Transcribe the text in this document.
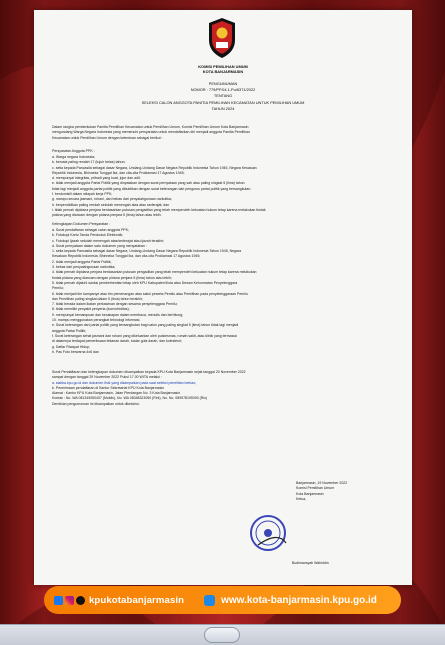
KOMISI PEMILIHAN UMUM
KOTA BANJARMASIN
PENGUMUMAN
NOMOR : 779/PP.04.1-Pu/6371/2022
TENTANG
SELEKSI CALON ANGGOTA PANITIA PEMILIHAN KECAMATAN UNTUK PEMILIHAN UMUM
TAHUN 2024
Dalam rangka pembentukan Panitia Pemilihan Kecamatan untuk Pemilihan Umum, Komisi Pemilihan Umum Kota Banjarmasin
mengundang Warga Negara Indonesia yang memenuhi persyaratan untuk mendaftarkan diri menjadi anggota Panitia Pemilihan
Kecamatan untuk Pemilihan Umum dengan ketentuan sebagai berikut :
Persyaratan Anggota PPK :
a. Warga negara Indonesia;
b. berusia paling rendah 17 (tujuh belas) tahun;
c. setia kepada Pancasila sebagai dasar Negara, Undang-Undang Dasar Negara Republik Indonesia Tahun 1945, Negara Kesatuan
Republik Indonesia, Bhinneka Tunggal Ika, dan cita-cita Proklamasi 17 Agustus 1945;
d. mempunyai integritas, pribadi yang kuat, jujur dan adil;
e. tidak menjadi anggota Partai Politik yang dinyatakan dengan surat pernyataan yang sah atau paling singkat 5 (lima) tahun
tidak lagi menjadi anggota partai politik yang dibuktikan dengan surat keterangan dari pengurus partai politik yang bersangkutan.
f. berdomisili dalam wilayah kerja PPK;
g. mampu secara jasmani, rohani, dan bebas dari penyalahgunaan narkotika;
h. berpendidikan paling rendah sekolah menengah atas atau sederajat; dan
i. tidak pernah dipidana penjara berdasarkan putusan pengadilan yang telah memperoleh kekuatan hukum tetap karena melakukan tindak
pidana yang diancam dengan pidana penjara 5 (lima) tahun atau lebih.
Kelengkapan Dokumen Persyaratan :
a. Surat pendaftaran sebagai calon anggota PPK;
b. Fotokopi Kartu Tanda Penduduk Elektronik;
c. Fotokopi ijazah sekolah menengah atas/sederajat atau ijazah terakhir;
d. Surat pernyataan dalam satu dokumen yang menyatakan :
1. setia kepada Pancasila sebagai dasar Negara, Undang-Undang Dasar Negara Republik Indonesia Tahun 1945, Negara
Kesatuan Republik Indonesia, Bhinneka Tunggal Ika, dan cita-cita Proklamasi 17 Agustus 1945;
2. tidak menjadi anggota Partai Politik;
3. bebas dari penyalahgunaan narkotika;
4. tidak pernah dipidana penjara berdasarkan putusan pengadilan yang telah memperoleh kekuatan hukum tetap karena melakukan
tindak pidana yang diancam dengan pidana penjara 5 (lima) tahun atau lebih;
5. tidak pernah dijatuhi sanksi pemberhentian tetap oleh KPU Kabupaten/Kota atau Dewan Kehormatan Penyelenggara
Pemilu;
6. tidak menjadi tim kampanye atau tim pemenangan atau saksi peserta Pemilu atau Pemilihan pada penyelenggaraan Pemilu
dan Pemilihan paling singkat dalam 5 (lima) tahun terakhir;
7. tidak berada dalam ikatan perkawinan dengan sesama penyelenggara Pemilu;
8. tidak memiliki penyakit penyerta (komorbiditas);
9. mempunyai kemampuan dan kecakapan dalam membaca, menulis dan berhitung;
10. mampu menggunakan perangkat teknologi informasi.
e. Surat keterangan dari partai politik yang bersangkutan bagi calon yang paling singkat 5 (lima) tahun tidak lagi menjadi
anggota Partai Politik;
f. Surat keterangan sehat jasmani dan rohani yang dikeluarkan oleh puskesmas, rumah sakit, atau klinik yang termasuk
di dalamnya terdapat pemeriksaan tekanan darah, kadar gula darah, dan kolesterol;
g. Daftar Riwayat Hidup;
h. Pas Foto berwarna 4x6 dan
Surat Pendaftaran dan kelengkapan dokumen disampaikan kepada KPU Kota Banjarmasin sejak tanggal 20 November 2022
sampai dengan tanggal 29 November 2022 Pukul 17.00 WITA melalui :
a. siakba.kpu.go.id dan dokumen fisik yang disampaikan pada saat seleksi penelitian berkas;
b. Penerimaan pendaftaran di Kantor Sekretariat KPU Kota Banjarmasin
Alamat : Kantor KPU Kota Banjarmasin, Jalan Pierdangan No. 3 Kota Banjarmasin
Kontak : No. WA 081349050407 (Muklis), No. WA 08348323050 (Rini), No. No. 089578195390 (Rio)
Demikian pengumuman ini disampaikan untuk diketahui.
Banjarmasin, 19 November 2022
Komisi Pemilihan Umum
Kota Banjarmasin
Ketua,
Budimansyah Wahiddin
kpukotabanjarmasin	www.kota-banjarmasin.kpu.go.id
